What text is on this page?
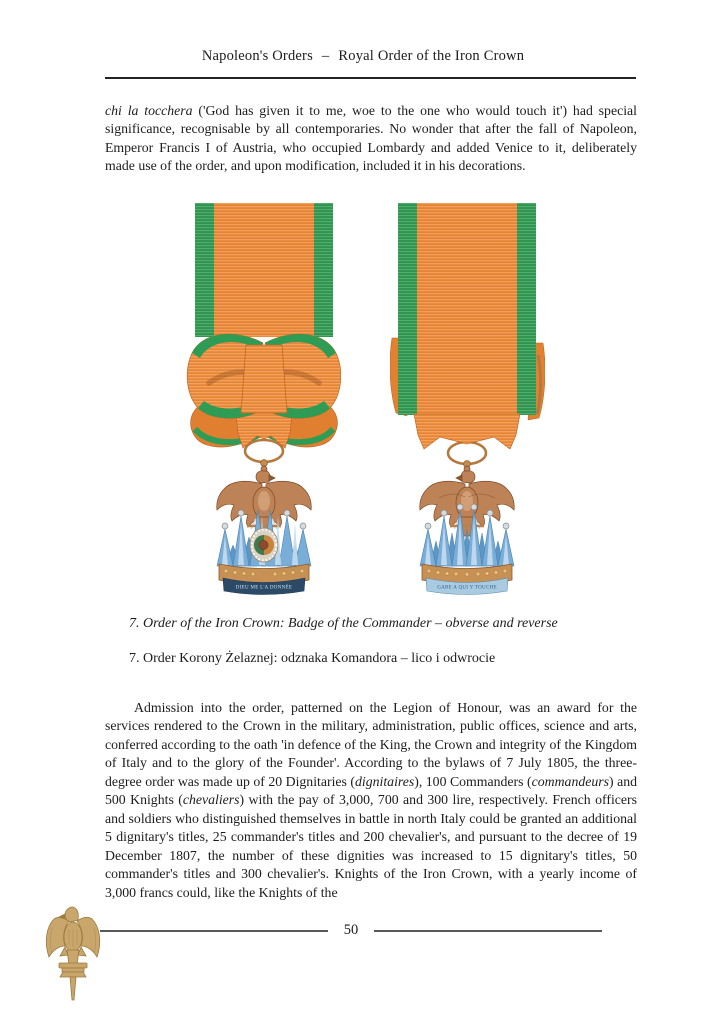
Napoleon's Orders – Royal Order of the Iron Crown

chi la tocchera ('God has given it to me, woe to the one who would touch it') had special significance, recognisable by all contemporaries. No wonder that after the fall of Napoleon, Emperor Francis I of Austria, who occupied Lombardy and added Venice to it, deliberately made use of the order, and upon modification, included it in his decorations.

DIEU ME L'A DONNÉE	GARE A QUI Y TOUCHE

7. Order of the Iron Crown: Badge of the Commander – obverse and reverse

7. Order Korony Żelaznej: odznaka Komandora – lico i odwrocie

Admission into the order, patterned on the Legion of Honour, was an award for the services rendered to the Crown in the military, administration, public offices, science and arts, conferred according to the oath 'in defence of the King, the Crown and integrity of the Kingdom of Italy and to the glory of the Founder'. According to the bylaws of 7 July 1805, the three-degree order was made up of 20 Dignitaries (dignitaires), 100 Commanders (commandeurs) and 500 Knights (chevaliers) with the pay of 3,000, 700 and 300 lire, respectively. French officers and soldiers who distinguished themselves in battle in north Italy could be granted an additional 5 dignitary's titles, 25 commander's titles and 200 chevalier's, and pursuant to the decree of 19 December 1807, the number of these dignities was increased to 15 dignitary's titles, 50 commander's titles and 300 chevalier's. Knights of the Iron Crown, with a yearly income of 3,000 francs could, like the Knights of the

50
